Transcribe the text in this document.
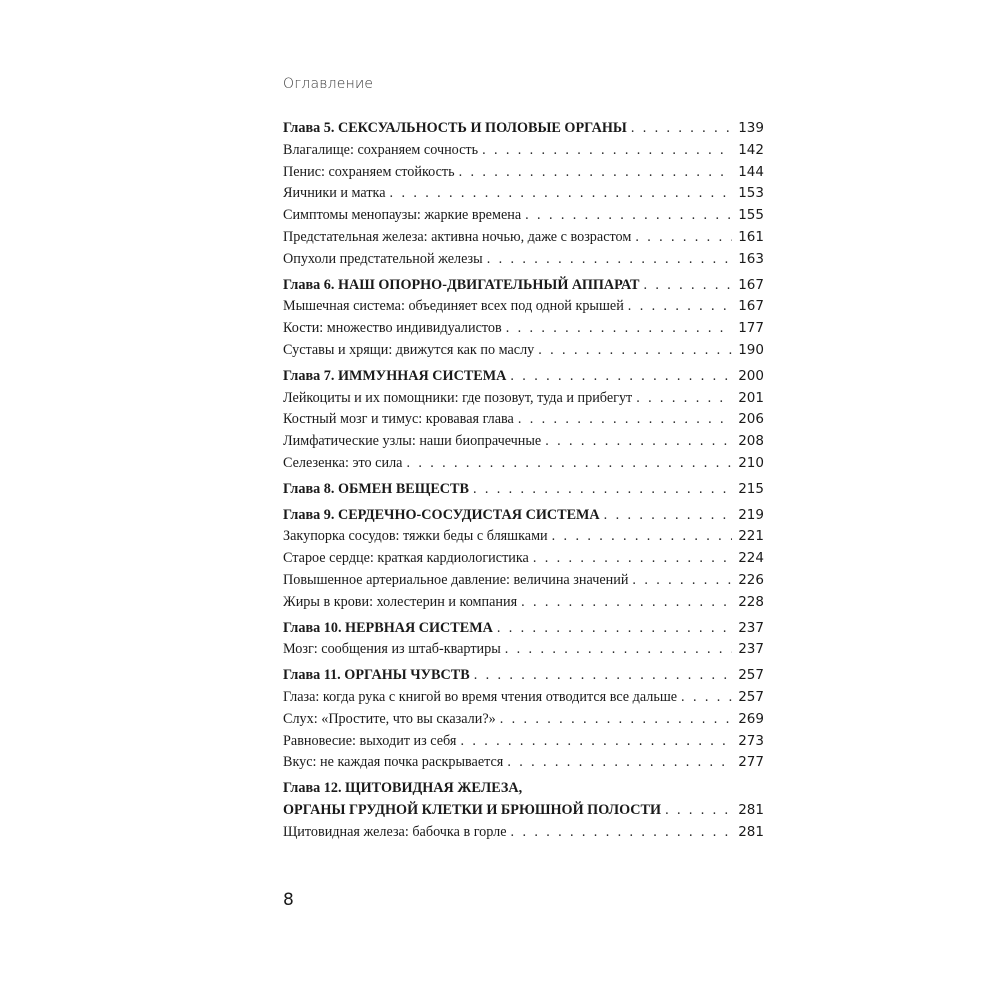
Оглавление
Глава 5. СЕКСУАЛЬНОСТЬ И ПОЛОВЫЕ ОРГАНЫ . . .	139
Влагалище: сохраняем сочность . . .	142
Пенис: сохраняем стойкость . . .	144
Яичники и матка . . .	153
Симптомы менопаузы: жаркие времена . . .	155
Предстательная железа: активна ночью, даже с возрастом . . .	161
Опухоли предстательной железы . . .	163
Глава 6. НАШ ОПОРНО-ДВИГАТЕЛЬНЫЙ АППАРАТ . . .	167
Мышечная система: объединяет всех под одной крышей . . .	167
Кости: множество индивидуалистов . . .	177
Суставы и хрящи: движутся как по маслу . . .	190
Глава 7. ИММУННАЯ СИСТЕМА . . .	200
Лейкоциты и их помощники: где позовут, туда и прибегут . . .	201
Костный мозг и тимус: кровавая глава . . .	206
Лимфатические узлы: наши биопрачечные . . .	208
Селезенка: это сила . . .	210
Глава 8. ОБМЕН ВЕЩЕСТВ . . .	215
Глава 9. СЕРДЕЧНО-СОСУДИСТАЯ СИСТЕМА . . .	219
Закупорка сосудов: тяжки беды с бляшками . . .	221
Старое сердце: краткая кардиологистика . . .	224
Повышенное артериальное давление: величина значений . . .	226
Жиры в крови: холестерин и компания . . .	228
Глава 10. НЕРВНАЯ СИСТЕМА . . .	237
Мозг: сообщения из штаб-квартиры . . .	237
Глава 11. ОРГАНЫ ЧУВСТВ . . .	257
Глаза: когда рука с книгой во время чтения отводится все дальше . . .	257
Слух: «Простите, что вы сказали?» . . .	269
Равновесие: выходит из себя . . .	273
Вкус: не каждая почка раскрывается . . .	277
Глава 12. ЩИТОВИДНАЯ ЖЕЛЕЗА,
ОРГАНЫ ГРУДНОЙ КЛЕТКИ И БРЮШНОЙ ПОЛОСТИ . . .	281
Щитовидная железа: бабочка в горле . . .	281
8
